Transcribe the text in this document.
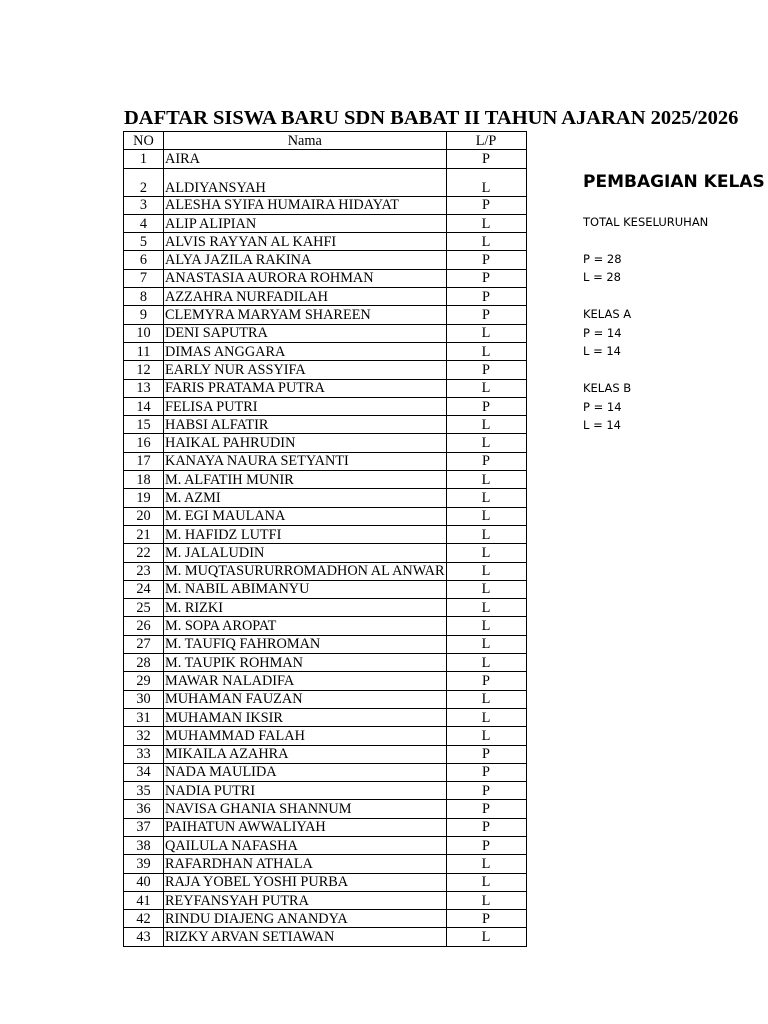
DAFTAR SISWA BARU SDN BABAT II TAHUN AJARAN 2025/2026
NO	Nama	L/P
1	AIRA	P
2	ALDIYANSYAH	L
3	ALESHA SYIFA HUMAIRA HIDAYAT	P
4	ALIP ALIPIAN	L
5	ALVIS RAYYAN AL KAHFI	L
6	ALYA JAZILA RAKINA	P
7	ANASTASIA AURORA ROHMAN	P
8	AZZAHRA NURFADILAH	P
9	CLEMYRA MARYAM SHAREEN	P
10	DENI SAPUTRA	L
11	DIMAS ANGGARA	L
12	EARLY NUR ASSYIFA	P
13	FARIS PRATAMA PUTRA	L
14	FELISA PUTRI	P
15	HABSI ALFATIR	L
16	HAIKAL PAHRUDIN	L
17	KANAYA NAURA SETYANTI	P
18	M. ALFATIH MUNIR	L
19	M. AZMI	L
20	M. EGI MAULANA	L
21	M. HAFIDZ LUTFI	L
22	M. JALALUDIN	L
23	M. MUQTASURURROMADHON AL ANWAR	L
24	M. NABIL ABIMANYU	L
25	M. RIZKI	L
26	M. SOPA AROPAT	L
27	M. TAUFIQ FAHROMAN	L
28	M. TAUPIK ROHMAN	L
29	MAWAR NALADIFA	P
30	MUHAMAN FAUZAN	L
31	MUHAMAN IKSIR	L
32	MUHAMMAD FALAH	L
33	MIKAILA AZAHRA	P
34	NADA MAULIDA	P
35	NADIA PUTRI	P
36	NAVISA GHANIA SHANNUM	P
37	PAIHATUN AWWALIYAH	P
38	QAILULA NAFASHA	P
39	RAFARDHAN ATHALA	L
40	RAJA YOBEL YOSHI PURBA	L
41	REYFANSYAH PUTRA	L
42	RINDU DIAJENG ANANDYA	P
43	RIZKY ARVAN SETIAWAN	L
PEMBAGIAN KELAS
TOTAL KESELURUHAN
P = 28
L = 28
KELAS A
P = 14
L = 14
KELAS B
P = 14
L = 14
